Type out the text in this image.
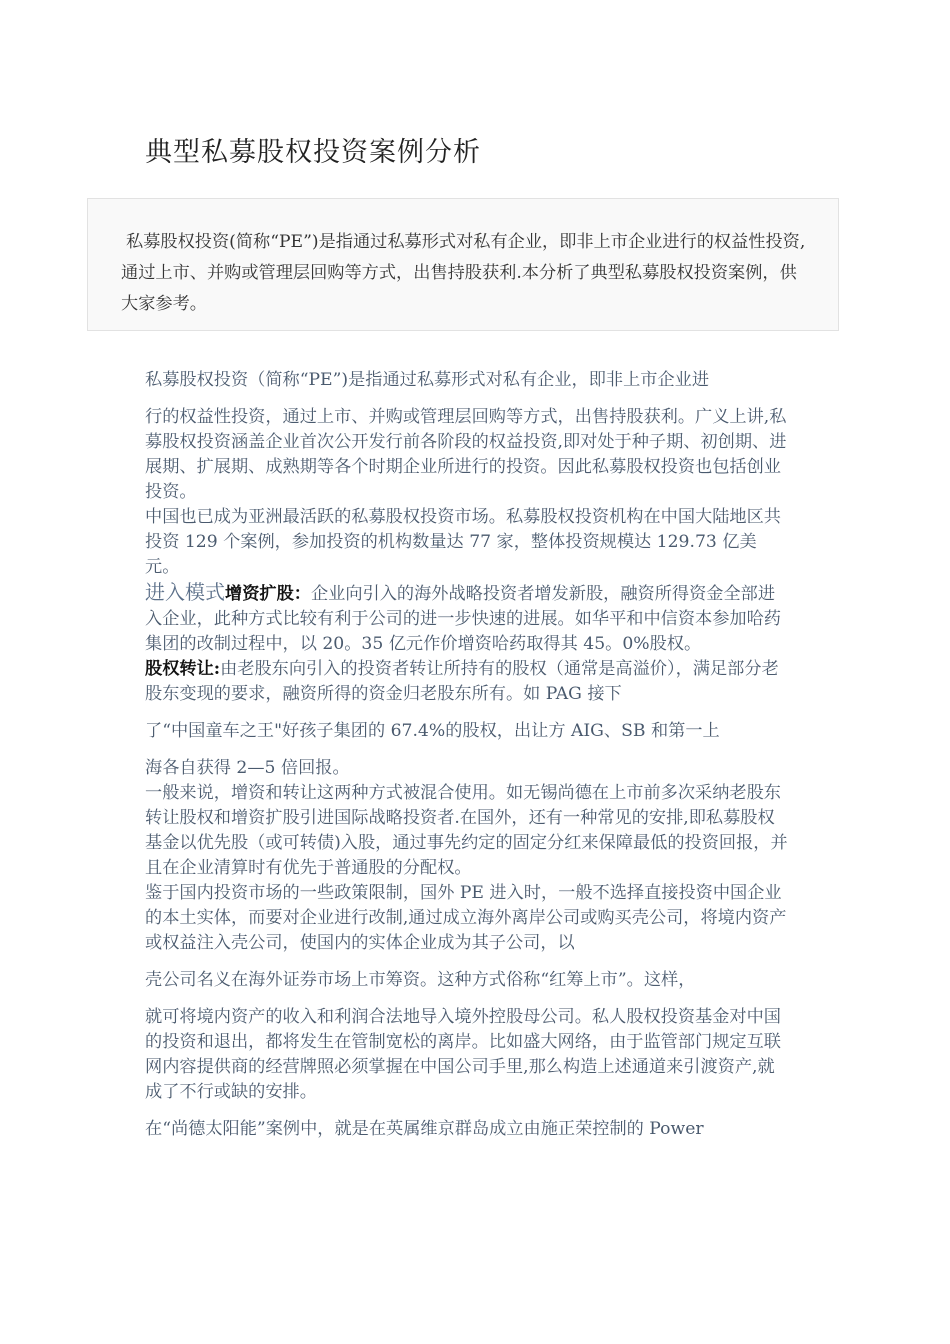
典型私募股权投资案例分析

私募股权投资(简称“PE”)是指通过私募形式对私有企业，即非上市企业进行的权益性投资,通过上市、并购或管理层回购等方式，出售持股获利.本分析了典型私募股权投资案例，供大家参考。

私募股权投资（简称“PE”)是指通过私募形式对私有企业，即非上市企业进

行的权益性投资，通过上市、并购或管理层回购等方式，出售持股获利。广义上讲,私募股权投资涵盖企业首次公开发行前各阶段的权益投资,即对处于种子期、初创期、进展期、扩展期、成熟期等各个时期企业所进行的投资。因此私募股权投资也包括创业投资。

中国也已成为亚洲最活跃的私募股权投资市场。私募股权投资机构在中国大陆地区共投资 129 个案例，参加投资的机构数量达 77 家，整体投资规模达 129.73 亿美元。

进入模式增资扩股：企业向引入的海外战略投资者增发新股，融资所得资金全部进入企业，此种方式比较有利于公司的进一步快速的进展。如华平和中信资本参加哈药集团的改制过程中，以 20。35 亿元作价增资哈药取得其 45。0%股权。

股权转让:由老股东向引入的投资者转让所持有的股权（通常是高溢价），满足部分老股东变现的要求，融资所得的资金归老股东所有。如 PAG 接下

了“中国童车之王"好孩子集团的 67.4%的股权，出让方 AIG、SB 和第一上

海各自获得 2—5 倍回报。

一般来说，增资和转让这两种方式被混合使用。如无锡尚德在上市前多次采纳老股东转让股权和增资扩股引进国际战略投资者.在国外，还有一种常见的安排,即私募股权基金以优先股（或可转债)入股，通过事先约定的固定分红来保障最低的投资回报，并且在企业清算时有优先于普通股的分配权。

鉴于国内投资市场的一些政策限制，国外 PE 进入时，一般不选择直接投资中国企业的本土实体，而要对企业进行改制,通过成立海外离岸公司或购买壳公司，将境内资产或权益注入壳公司，使国内的实体企业成为其子公司，以

壳公司名义在海外证券市场上市筹资。这种方式俗称“红筹上市”。这样，

就可将境内资产的收入和利润合法地导入境外控股母公司。私人股权投资基金对中国的投资和退出，都将发生在管制宽松的离岸。比如盛大网络，由于监管部门规定互联网内容提供商的经营牌照必须掌握在中国公司手里,那么构造上述通道来引渡资产,就成了不行或缺的安排。

在“尚德太阳能”案例中，就是在英属维京群岛成立由施正荣控制的 Power
